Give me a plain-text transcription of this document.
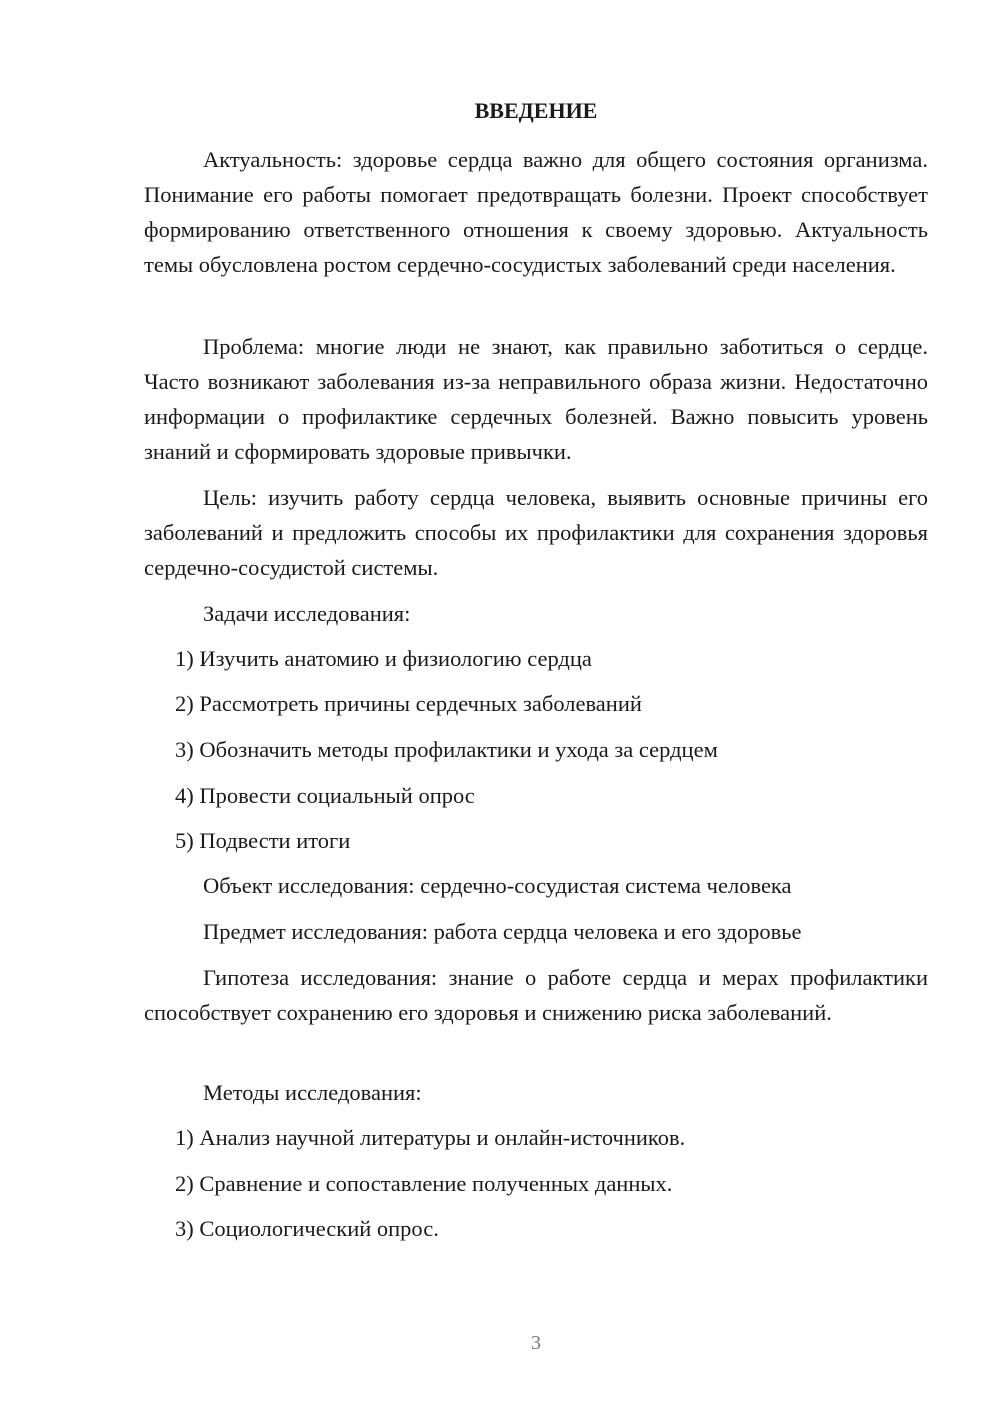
ВВЕДЕНИЕ

Актуальность: здоровье сердца важно для общего состояния организма. Понимание его работы помогает предотвращать болезни. Проект способствует формированию ответственного отношения к своему здоровью. Актуальность темы обусловлена ростом сердечно-сосудистых заболеваний среди населения.

Проблема: многие люди не знают, как правильно заботиться о сердце. Часто возникают заболевания из-за неправильного образа жизни. Недостаточно информации о профилактике сердечных болезней. Важно повысить уровень знаний и сформировать здоровые привычки.

Цель: изучить работу сердца человека, выявить основные причины его заболеваний и предложить способы их профилактики для сохранения здоровья сердечно-сосудистой системы.

Задачи исследования:

1) Изучить анатомию и физиологию сердца

2) Рассмотреть причины сердечных заболеваний

3) Обозначить методы профилактики и ухода за сердцем

4) Провести социальный опрос

5) Подвести итоги

Объект исследования: сердечно-сосудистая система человека

Предмет исследования: работа сердца человека и его здоровье

Гипотеза исследования: знание о работе сердца и мерах профилактики способствует сохранению его здоровья и снижению риска заболеваний.

Методы исследования:

1) Анализ научной литературы и онлайн-источников.

2) Сравнение и сопоставление полученных данных.

3) Социологический опрос.

3
